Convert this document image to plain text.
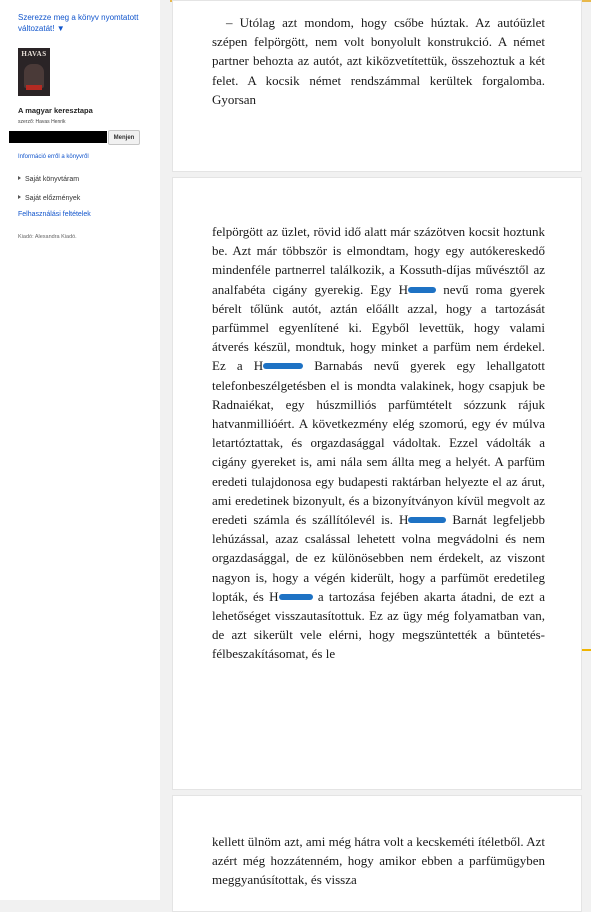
Szerezze meg a könyv nyomtatott változatát! ▼
HAVAS
A magyar keresztapa
szerző: Havas Henrik
Menjen
Információ erről a könyvről
Saját könyvtáram
Saját előzmények
Felhasználási feltételek
Kiadó: Alexandra Kiadó.
– Utólag azt mondom, hogy csőbe húztak. Az autóüzlet szépen felpörgött, nem volt bonyolult konstrukció. A német partner behozta az autót, azt kiközvetítettük, összehoztuk a két felet. A kocsik német rendszámmal kerültek forgalomba. Gyorsan
felpörgött az üzlet, rövid idő alatt már százötven kocsit hoztunk be. Azt már többször is elmondtam, hogy egy autókereskedő mindenféle partnerrel találkozik, a Kossuth-díjas művésztől az analfabéta cigány gyerekig. Egy H nevű roma gyerek bérelt tőlünk autót, aztán előállt azzal, hogy a tartozását parfümmel egyenlítené ki. Egyből levettük, hogy valami átverés készül, mondtuk, hogy minket a parfüm nem érdekel. Ez a H	Barnabás nevű gyerek egy lehallgatott telefonbeszélgetésben el is mondta valakinek, hogy csapjuk be Radnaiékat, egy húszmilliós parfümtételt sózzunk rájuk hatvanmillióért. A következmény elég szomorú, egy év múlva letartóztattak, és orgazdasággal vádoltak. Ezzel vádolták a cigány gyereket is, ami nála sem állta meg a helyét. A parfüm eredeti tulajdonosa egy budapesti raktárban helyezte el az árut, ami eredetinek bizonyult, és a bizonyítványon kívül megvolt az eredeti számla és szállítólevél is. H	Barnát legfeljebb lehúzással, azaz csalással lehetett volna megvádolni és nem orgazdasággal, de ez különösebben nem érdekelt, az viszont nagyon is, hogy a végén kiderült, hogy a parfümöt eredetileg lopták, és H	a tartozása fejében akarta átadni, de ezt a lehetőséget visszautasítottuk. Ez az ügy még folyamatban van, de azt sikerült vele elérni, hogy megszüntették a büntetés-félbeszakításomat, és le
kellett ülnöm azt, ami még hátra volt a kecskeméti ítéletből. Azt azért még hozzátenném, hogy amikor ebben a parfümügyben meggyanúsítottak, és vissza
